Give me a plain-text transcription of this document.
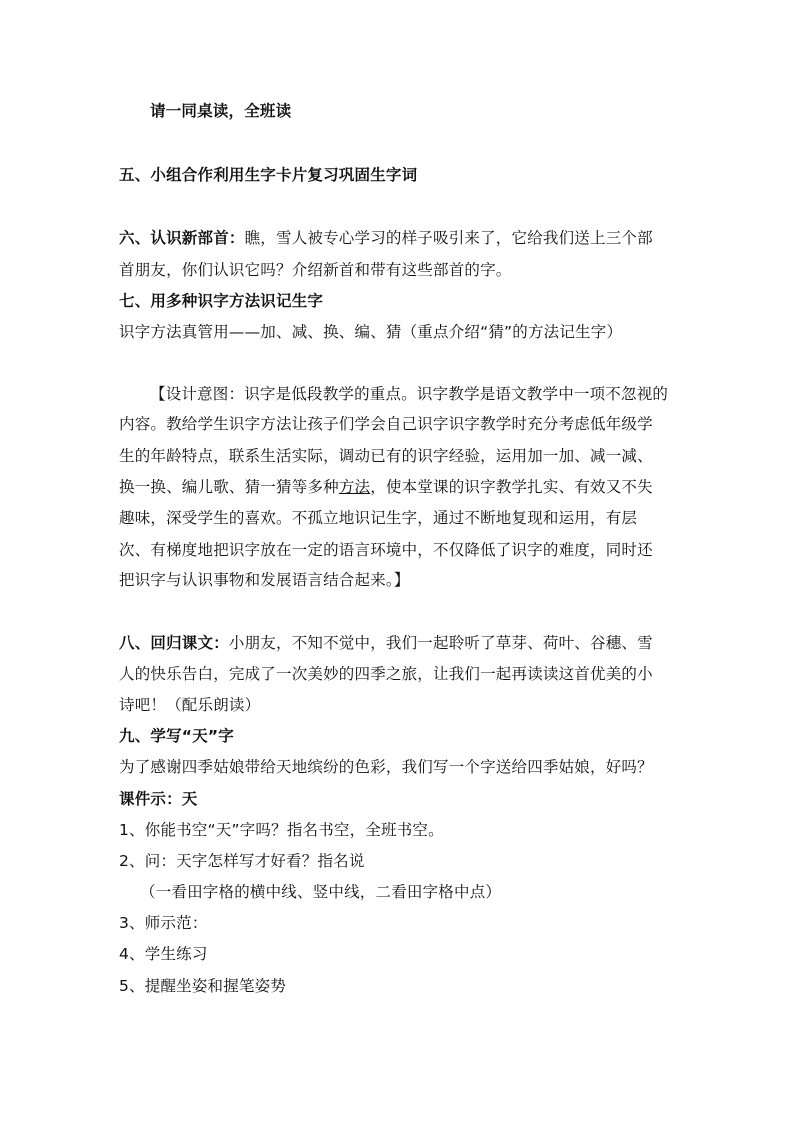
请一同桌读，全班读
五、小组合作利用生字卡片复习巩固生字词
六、认识新部首：瞧，雪人被专心学习的样子吸引来了，它给我们送上三个部
首朋友，你们认识它吗？介绍新首和带有这些部首的字。
七、用多种识字方法识记生字
识字方法真管用——加、减、换、编、猜（重点介绍“猜”的方法记生字）
【设计意图：识字是低段教学的重点。识字教学是语文教学中一项不忽视的
内容。教给学生识字方法让孩子们学会自己识字识字教学时充分考虑低年级学
生的年龄特点，联系生活实际，调动已有的识字经验，运用加一加、减一减、
换一换、编儿歌、猜一猜等多种方法，使本堂课的识字教学扎实、有效又不失
趣味，深受学生的喜欢。不孤立地识记生字，通过不断地复现和运用，有层
次、有梯度地把识字放在一定的语言环境中，不仅降低了识字的难度，同时还
把识字与认识事物和发展语言结合起来。】
八、回归课文：小朋友，不知不觉中，我们一起聆听了草芽、荷叶、谷穗、雪
人的快乐告白，完成了一次美妙的四季之旅，让我们一起再读读这首优美的小
诗吧！（配乐朗读）
九、学写“天”字
为了感谢四季姑娘带给天地缤纷的色彩，我们写一个字送给四季姑娘，好吗？
课件示：天
1、你能书空“天”字吗？指名书空，全班书空。
2、问：天字怎样写才好看？指名说
（一看田字格的横中线、竖中线，二看田字格中点）
3、师示范：
4、学生练习
5、提醒坐姿和握笔姿势
